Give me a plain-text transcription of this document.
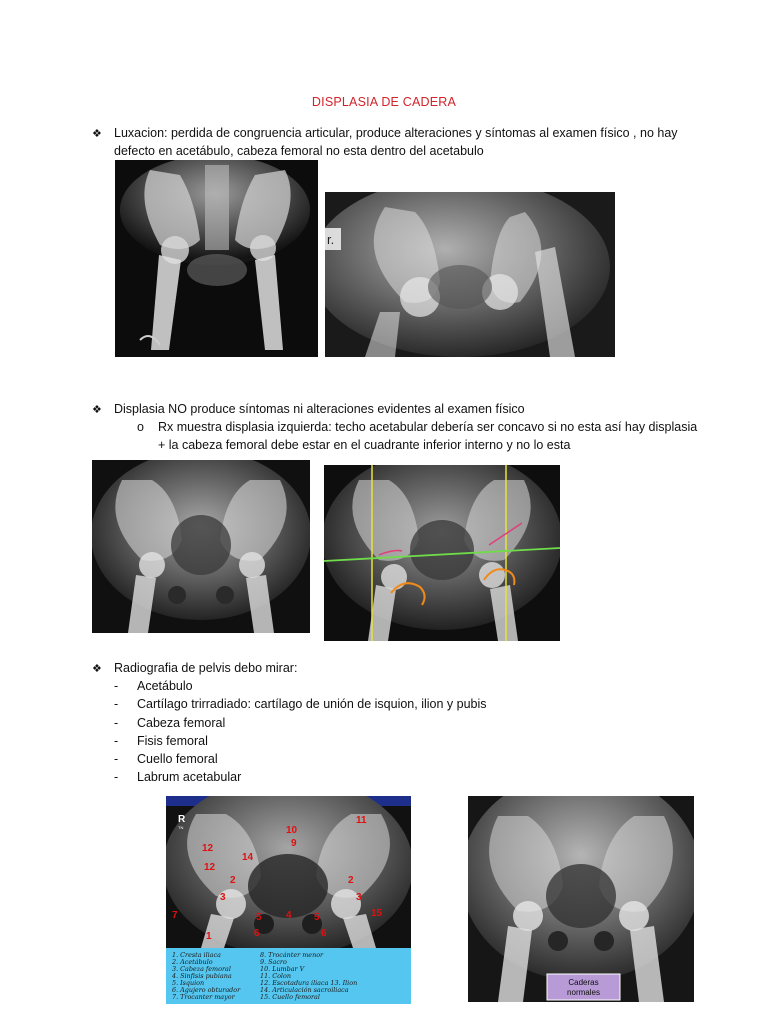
DISPLASIA DE CADERA
❖ Luxacion: perdida de congruencia articular, produce alteraciones y síntomas al examen físico , no hay
defecto en acetábulo, cabeza femoral no esta dentro del acetabulo
r.
❖ Displasia NO produce síntomas ni alteraciones evidentes al examen físico
o Rx muestra displasia izquierda: techo acetabular debería ser concavo si no esta así hay displasia
+ la cabeza femoral debe estar en el cuadrante inferior interno y no lo esta
❖ Radiografia de pelvis debo mirar:
- Acetábulo
- Cartílago trirradiado: cartílago de unión de isquion, ilion y pubis
- Cabeza femoral
- Fisis femoral
- Cuello femoral
- Labrum acetabular
R
TN	10
9
11
14
12
12
2	2
3	3
7	15
5	5
4
6	6
1
1. Cresta iliaca
2. Acetábulo
3. Cabeza femoral
4. Sinfisis pubiana
5. Isquion
6. Agujero obturador
7. Trocanter mayor
8. Trocánter menor
9. Sacro
10. Lumbar V
11. Colon
12. Escotadura iliaca 13. Ilion
14. Articulación sacroiliaca
15. Cuello femoral
Caderas
normales
